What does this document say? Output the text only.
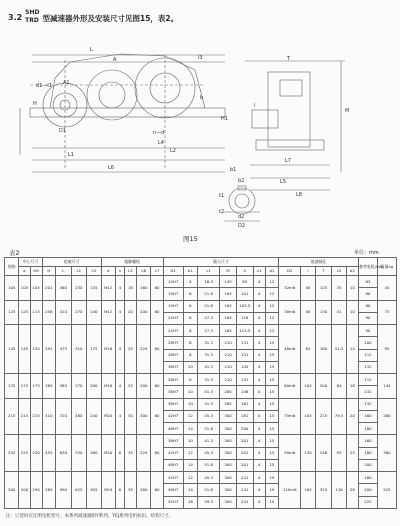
3.2
SHD
TRD 型减速器外形及安装尺寸见图15，表2。
L
l3
A
A1
D1
d1—l1
H
b
H1
L4
L1
L2
L6
n—d
T
M
l
L7
L5
L8
b1
b2
t1
t2
d2
D2
图15
表2	单位：mm
规格	中心尺寸		轮廓尺寸				地脚螺栓					输入尺寸							低速轴孔					参考电机(kW)	质量kg
	a	H0	H	L	L1	L5	d	n	L2	L6	L7	D1	b1	c1	M	S	n1	d1	D2	l	T	c2	b2		
105	105	105	201	360	230	135	M12	4	18	160	60	14H7	4	16.3	145	85	4	12	32m6	58	125	35	10	63	44
												19H7	6	21.8	165	101	4	12						80	
125	125	115	258	410	270	140	M12	4	20	200	60	19H7	6	21.8	165	103.5	4	12	38m6	58	130	41	10	80	73
												24H7	8	27.3	165	118	4	12						90	
145	145	150	291	475	310	175	M16	4	25	220	60	24H7	8	27.3	165	113.5	4	12	48m6	82	180	51.5	14	90	95
												28H7	8	31.3	210	131	4	15						100	
												28H7	8	31.3	210	131	4	15						112	
												38H7	10	41.3	210	145	4	15						132	
175	175	175	365	585	370	200	M16	4	25	200	60	28H7	8	31.3	210	131	4	15	60m6	105	200	64	18	112	144
												38H7	10	41.3	265	146	4	15						132	
215	215	215	410	720	480	240	M20	4	30	300	60	38H7	10	41.3	265	161	4	15	75m6	105	215	79.5	20	132	260
												42H7	12	45.3	300	181	4	15						160	
												48H7	14	51.8	300	200	4	15						180	
255	255	250	455	838	530	260	M20	6	35	220	60	38H7	10	41.3	300	201	4	15	90m6	130	248	95	25	160	360
												42H7	12	45.3	300	201	4	15						180	
												48H7	14	51.8	300	201	4	15						200	
300	300	290	565	990	625	305	M24	6	35	260	60	42H7	12	45.3	300	241	4	19	110m6	165	315	116	28	180	525
												48H7	14	51.8	300	241	4	19						200	
												55H7	16	59.3	300	241	4	19						225	
注：订货时应注明电机型号。本系列减速器附Y系列、YEJ系列电机标识、结构尺寸。
